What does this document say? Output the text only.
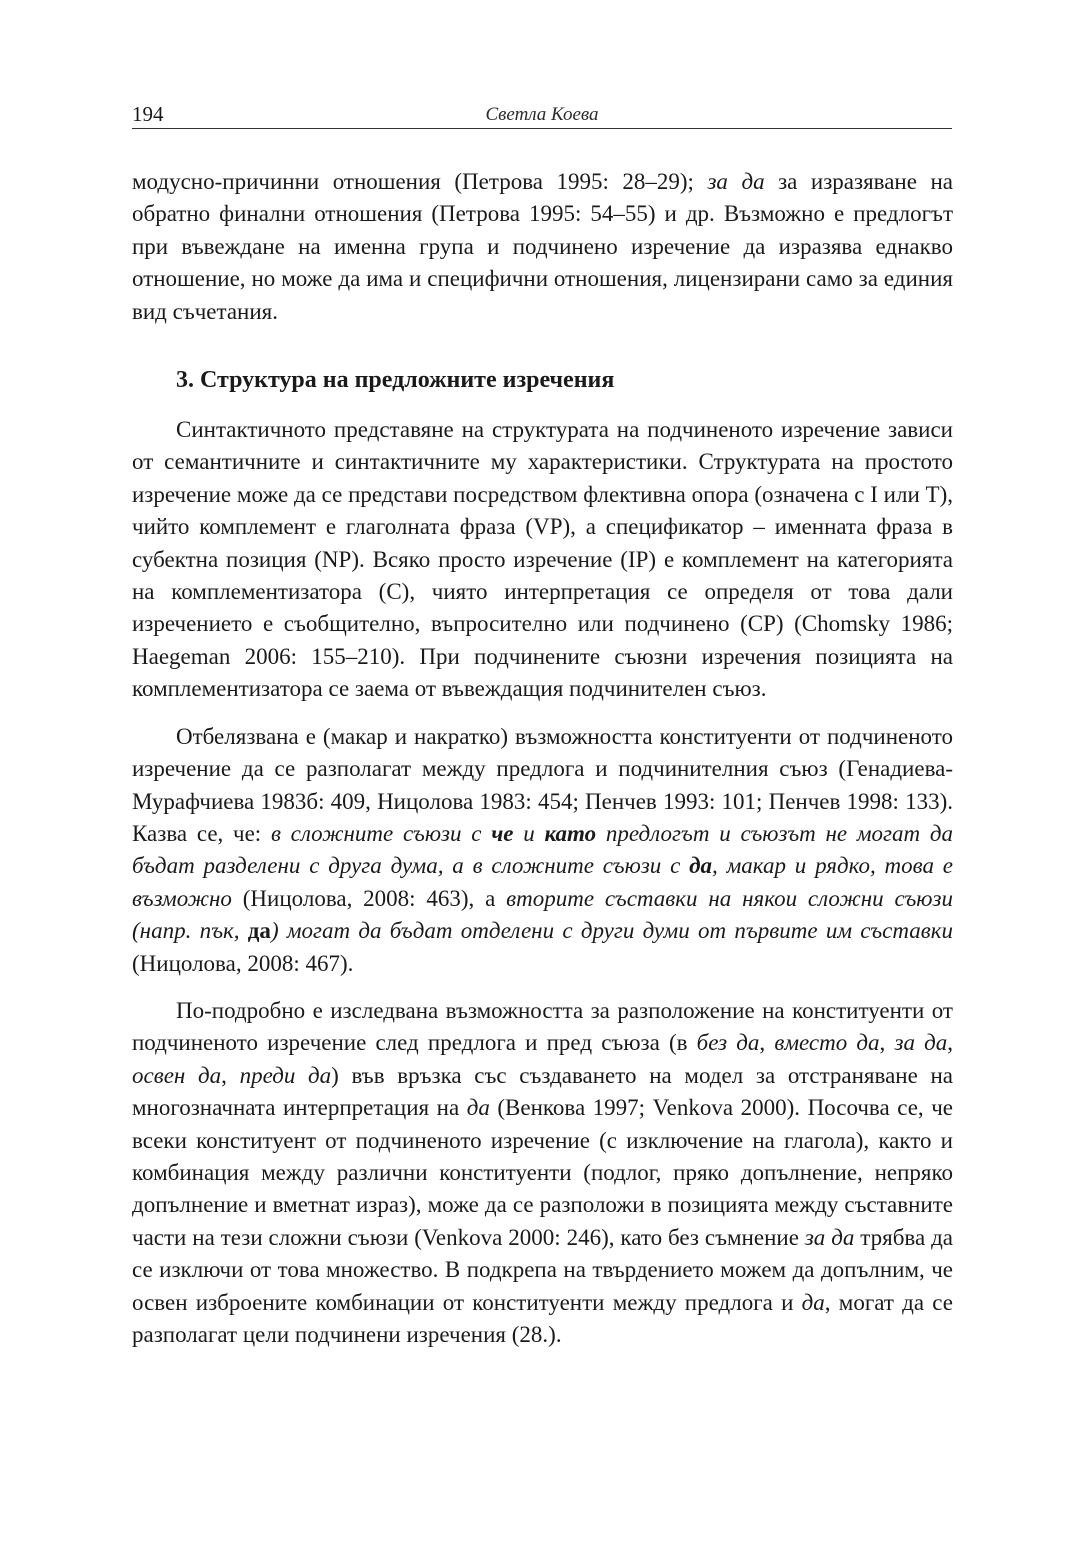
194	Светла Коева

модусно-причинни отношения (Петрова 1995: 28–29); за да за изразяване на обратно финални отношения (Петрова 1995: 54–55) и др. Възможно е предлогът при въвеждане на именна група и подчинено изречение да изразява еднакво отношение, но може да има и специфични отношения, лицензирани само за единия вид съчетания.

3. Структура на предложните изречения

Синтактичното представяне на структурата на подчиненото изречение зависи от семантичните и синтактичните му характеристики. Структурата на простото изречение може да се представи посредством флективна опора (означена с I или Т), чийто комплемент е глаголната фраза (VP), а спецификатор – именната фраза в субектна позиция (NP). Всяко просто изречение (IP) е комплемент на категорията на комплементизатора (С), чиято интерпретация се определя от това дали изречението е съобщително, въпросително или подчинено (СР) (Chomsky 1986; Haegeman 2006: 155–210). При подчинените съюзни изречения позицията на комплементизатора се заема от въвеждащия подчинителен съюз.

Отбелязвана е (макар и накратко) възможността конституенти от подчиненото изречение да се разполагат между предлога и подчинителния съюз (Генадиева-Мурафчиева 1983б: 409, Ницолова 1983: 454; Пенчев 1993: 101; Пенчев 1998: 133). Казва се, че: в сложните съюзи с че и като предлогът и съюзът не могат да бъдат разделени с друга дума, а в сложните съюзи с да, макар и рядко, това е възможно (Ницолова, 2008: 463), а вторите съставки на някои сложни съюзи (напр. пък, да) могат да бъдат отделени с други думи от първите им съставки (Ницолова, 2008: 467).

По-подробно е изследвана възможността за разположение на конституенти от подчиненото изречение след предлога и пред съюза (в без да, вместо да, за да, освен да, преди да) във връзка със създаването на модел за отстраняване на многозначната интерпретация на да (Венкова 1997; Venkova 2000). Посочва се, че всеки конституент от подчиненото изречение (с изключение на глагола), както и комбинация между различни конституенти (подлог, пряко допълнение, непряко допълнение и вметнат израз), може да се разположи в позицията между съставните части на тези сложни съюзи (Venkova 2000: 246), като без съмнение за да трябва да се изключи от това множество. В подкрепа на твърдението можем да допълним, че освен изброените комбинации от конституенти между предлога и да, могат да се разполагат цели подчинени изречения (28.).
